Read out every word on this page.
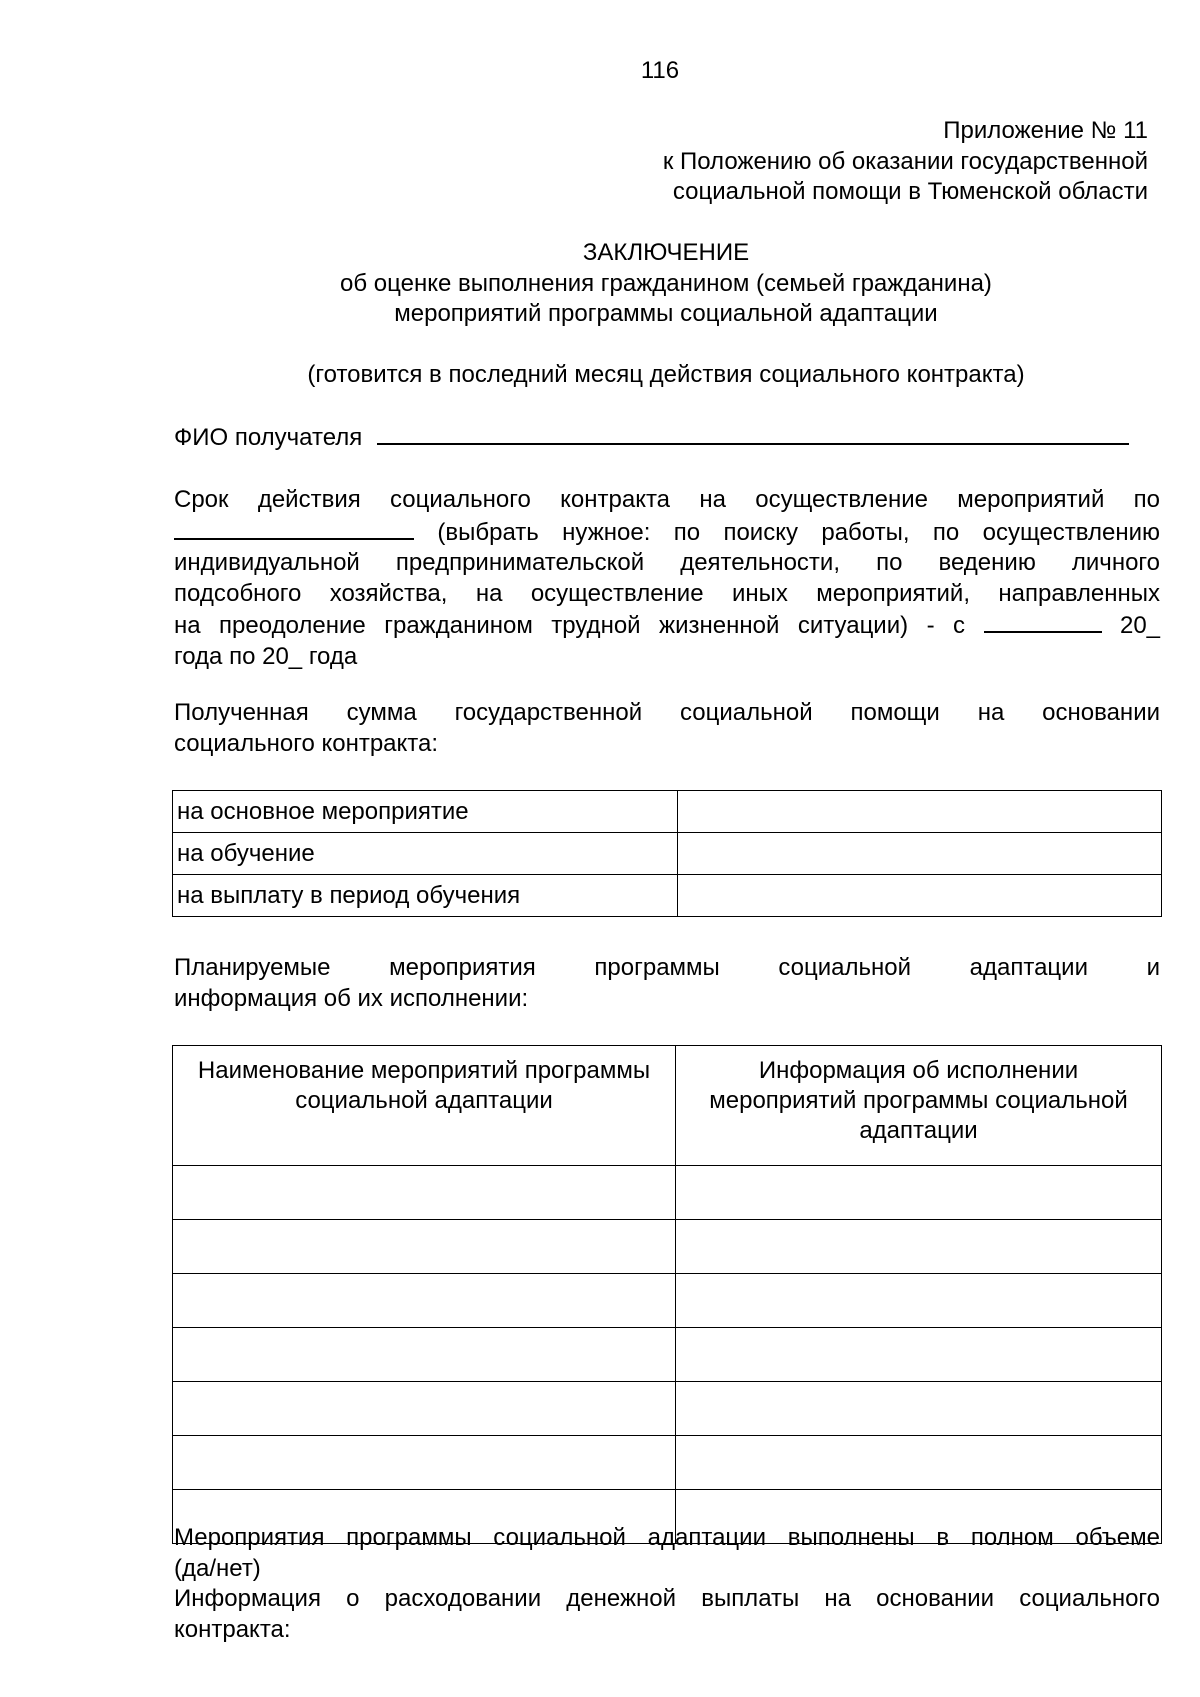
116
Приложение № 11
к Положению об оказании государственной
социальной помощи в Тюменской области
ЗАКЛЮЧЕНИЕ
об оценке выполнения гражданином (семьей гражданина)
мероприятий программы социальной адаптации
(готовится в последний месяц действия социального контракта)
ФИО получателя
Срок действия социального контракта на осуществление мероприятий по
(выбрать нужное: по поиску работы, по осуществлению
индивидуальной предпринимательской деятельности, по ведению личного
подсобного хозяйства, на осуществление иных мероприятий, направленных
на преодоление гражданином трудной жизненной ситуации) - с	20_
года по 20_ года
Полученная сумма государственной социальной помощи на основании
социального контракта:
на основное мероприятие	
на обучение	
на выплату в период обучения	
Планируемые мероприятия программы социальной адаптации и
информация об их исполнении:
Наименование мероприятий программы социальной адаптации	Информация об исполнении мероприятий программы социальной адаптации

Мероприятия программы социальной адаптации выполнены в полном объеме
(да/нет)
Информация о расходовании денежной выплаты на основании социального
контракта:
